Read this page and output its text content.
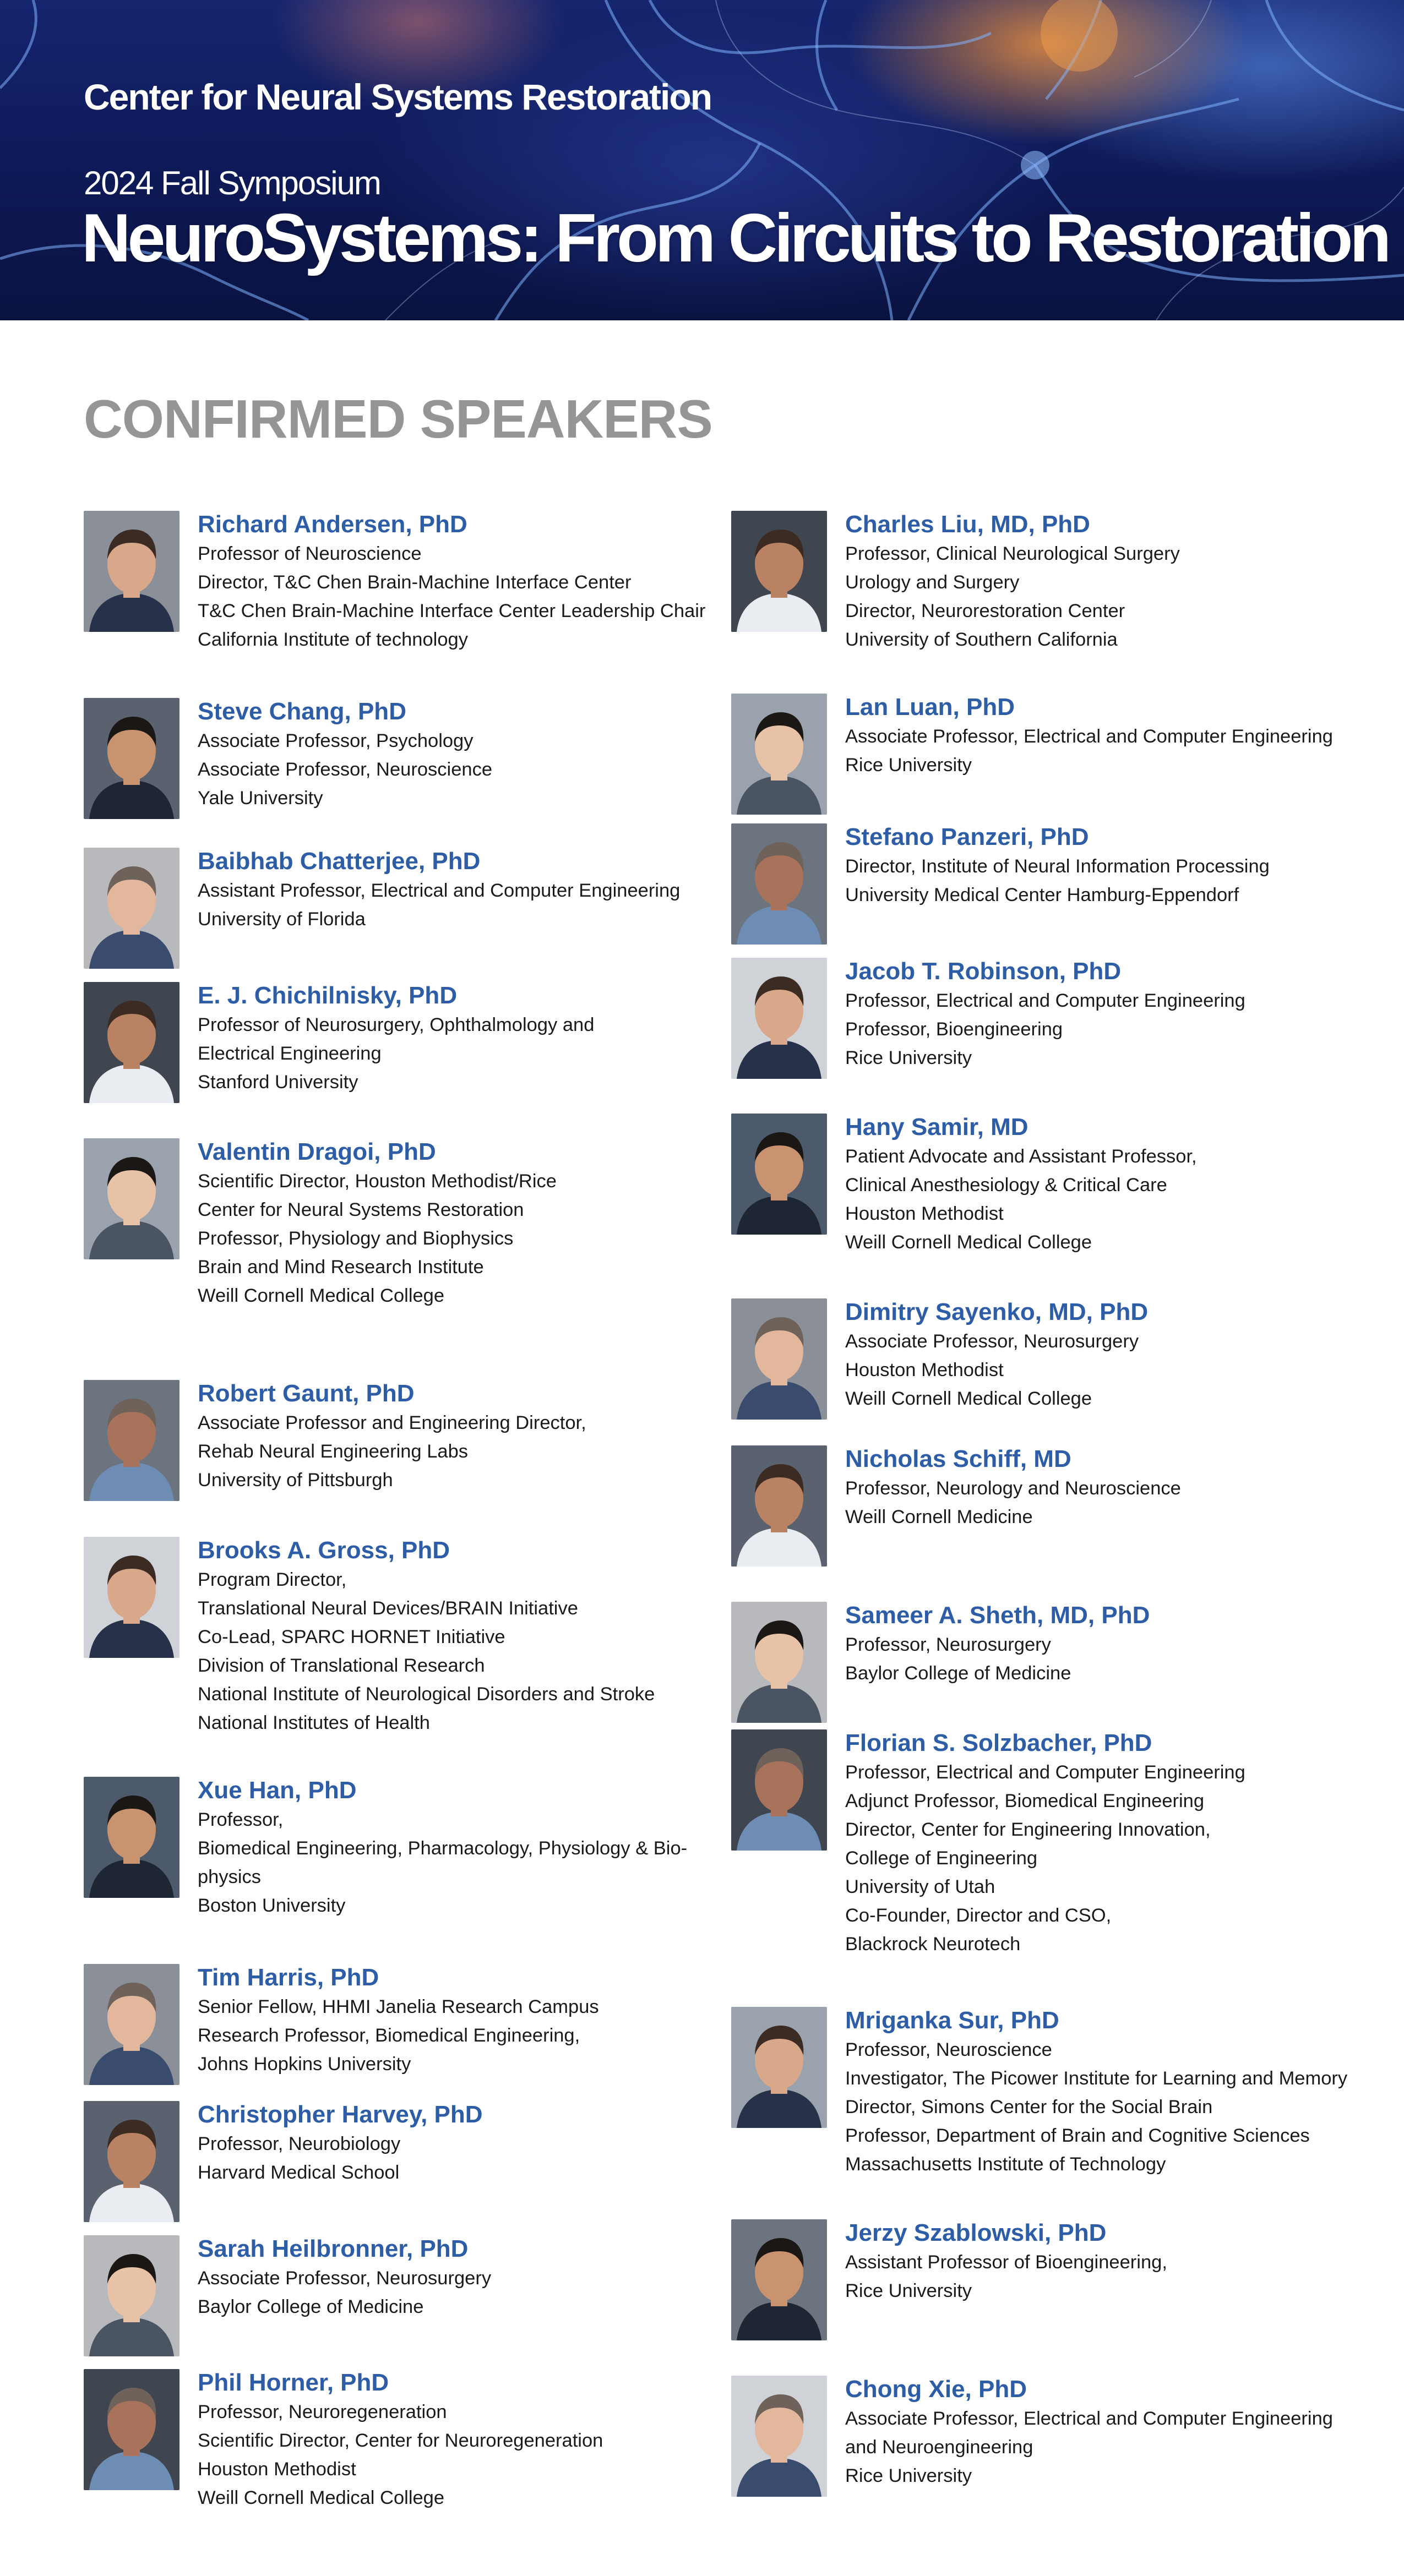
Center for Neural Systems Restoration
2024 Fall Symposium
NeuroSystems: From Circuits to Restoration
CONFIRMED SPEAKERS
Richard Andersen, PhD
Professor of Neuroscience
Director, T&C Chen Brain-Machine Interface Center
T&C Chen Brain-Machine Interface Center Leadership Chair
California Institute of technology
Steve Chang, PhD
Associate Professor, Psychology
Associate Professor, Neuroscience
Yale University
Baibhab Chatterjee, PhD
Assistant Professor, Electrical and Computer Engineering
University of Florida
E. J. Chichilnisky, PhD
Professor of Neurosurgery, Ophthalmology and
Electrical Engineering
Stanford University
Valentin Dragoi, PhD
Scientific Director, Houston Methodist/Rice
Center for Neural Systems Restoration
Professor, Physiology and Biophysics
Brain and Mind Research Institute
Weill Cornell Medical College
Robert Gaunt, PhD
Associate Professor and Engineering Director,
Rehab Neural Engineering Labs
University of Pittsburgh
Brooks A. Gross, PhD
Program Director,
Translational Neural Devices/BRAIN Initiative
Co-Lead, SPARC HORNET Initiative
Division of Translational Research
National Institute of Neurological Disorders and Stroke
National Institutes of Health
Xue Han, PhD
Professor,
Biomedical Engineering, Pharmacology, Physiology & Bio-
physics
Boston University
Tim Harris, PhD
Senior Fellow, HHMI Janelia Research Campus
Research Professor, Biomedical Engineering,
Johns Hopkins University
Christopher Harvey, PhD
Professor, Neurobiology
Harvard Medical School
Sarah Heilbronner, PhD
Associate Professor, Neurosurgery
Baylor College of Medicine
Phil Horner, PhD
Professor, Neuroregeneration
Scientific Director, Center for Neuroregeneration
Houston Methodist
Weill Cornell Medical College
Charles Liu, MD, PhD
Professor, Clinical Neurological Surgery
Urology and Surgery
Director, Neurorestoration Center
University of Southern California
Lan Luan, PhD
Associate Professor, Electrical and Computer Engineering
Rice University
Stefano Panzeri, PhD
Director, Institute of Neural Information Processing
University Medical Center Hamburg-Eppendorf
Jacob T. Robinson, PhD
Professor, Electrical and Computer Engineering
Professor, Bioengineering
Rice University
Hany Samir, MD
Patient Advocate and Assistant Professor,
Clinical Anesthesiology & Critical Care
Houston Methodist
Weill Cornell Medical College
Dimitry Sayenko, MD, PhD
Associate Professor, Neurosurgery
Houston Methodist
Weill Cornell Medical College
Nicholas Schiff, MD
Professor, Neurology and Neuroscience
Weill Cornell Medicine
Sameer A. Sheth, MD, PhD
Professor, Neurosurgery
Baylor College of Medicine
Florian S. Solzbacher, PhD
Professor, Electrical and Computer Engineering
Adjunct Professor, Biomedical Engineering
Director, Center for Engineering Innovation,
College of Engineering
University of Utah
Co-Founder, Director and CSO,
Blackrock Neurotech
Mriganka Sur, PhD
Professor, Neuroscience
Investigator, The Picower Institute for Learning and Memory
Director, Simons Center for the Social Brain
Professor, Department of Brain and Cognitive Sciences
Massachusetts Institute of Technology
Jerzy Szablowski, PhD
Assistant Professor of Bioengineering,
Rice University
Chong Xie, PhD
Associate Professor, Electrical and Computer Engineering
and Neuroengineering
Rice University
